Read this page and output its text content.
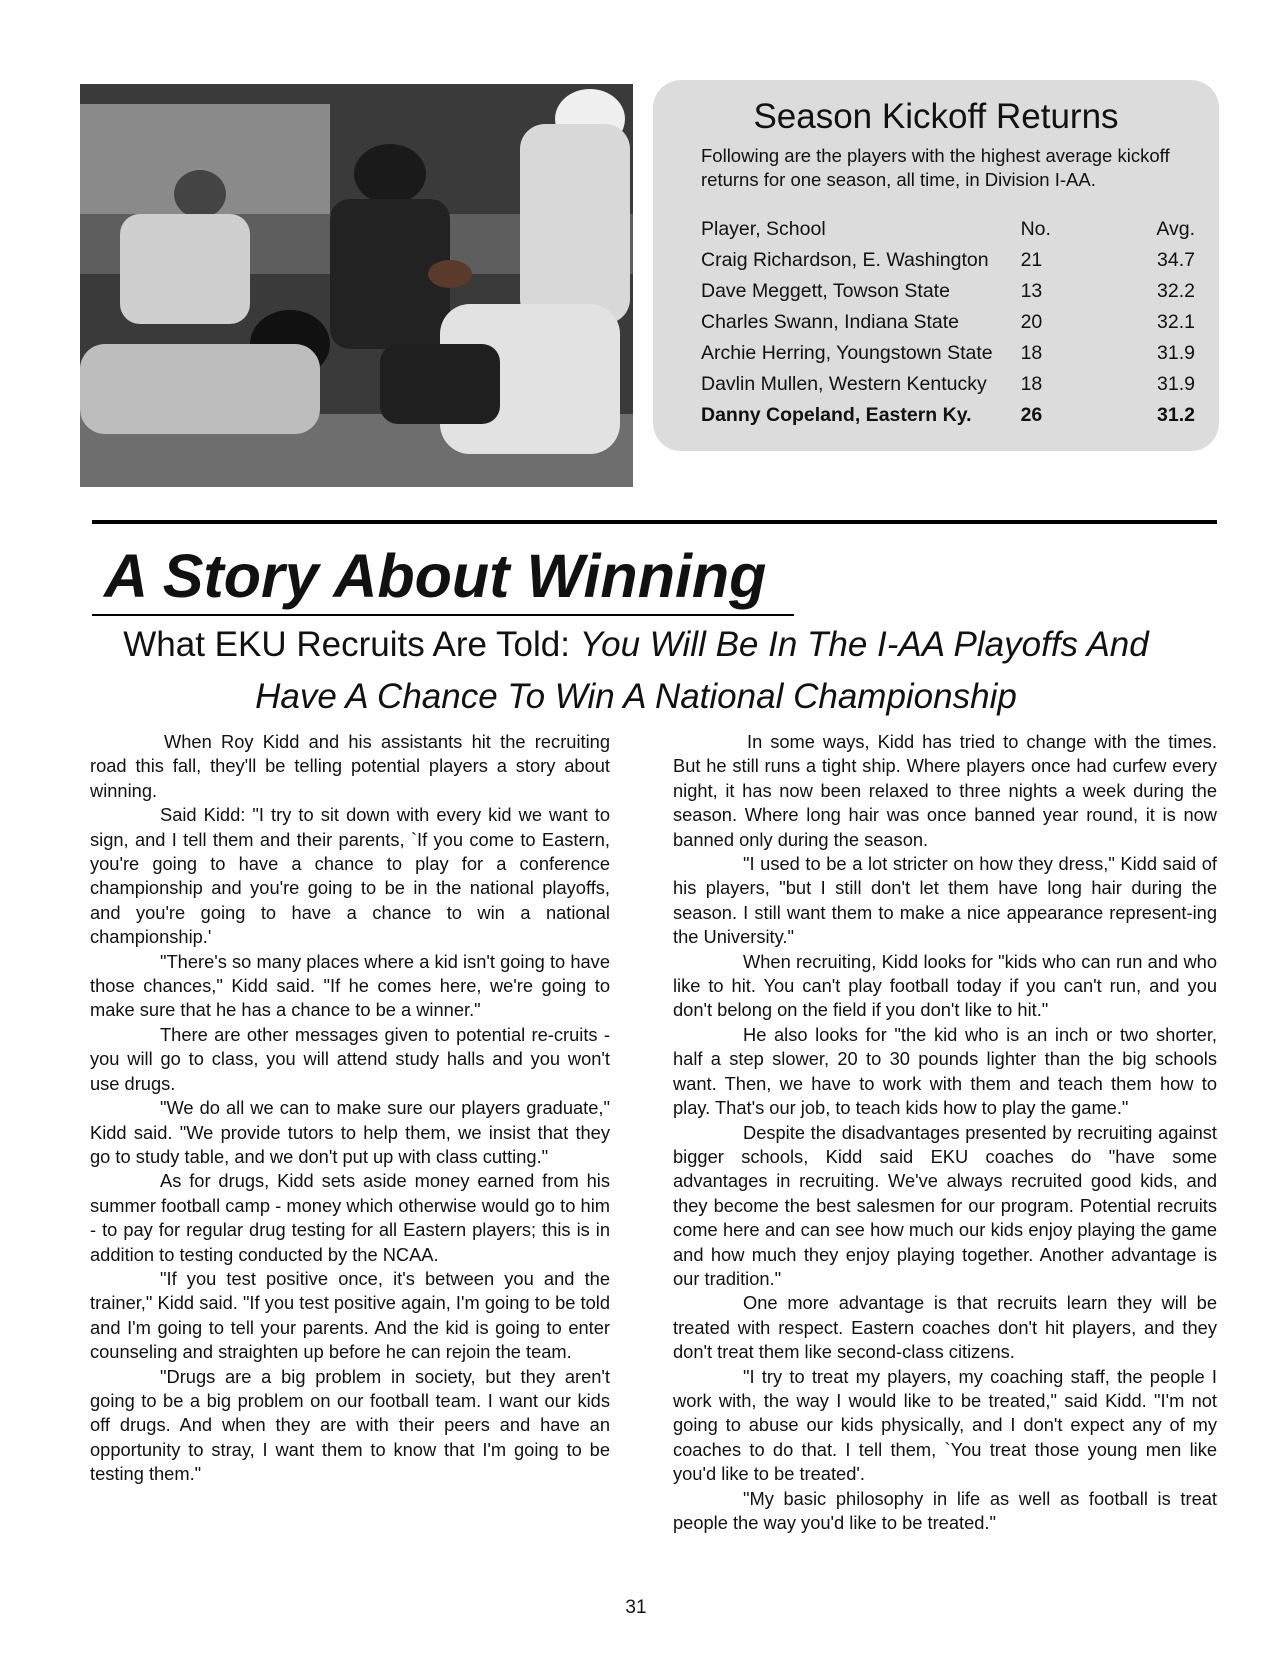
Season Kickoff Returns
Following are the players with the highest average kickoff returns for one season, all time, in Division I-AA.
Player, School	No.	Avg.
Craig Richardson, E. Washington	21	34.7
Dave Meggett, Towson State	13	32.2
Charles Swann, Indiana State	20	32.1
Archie Herring, Youngstown State	18	31.9
Davlin Mullen, Western Kentucky	18	31.9
Danny Copeland, Eastern Ky.	26	31.2
A Story About Winning
What EKU Recruits Are Told: You Will Be In The I-AA Playoffs And
Have A Chance To Win A National Championship

When Roy Kidd and his assistants hit the recruiting road this fall, they'll be telling potential players a story about winning.

Said Kidd: "I try to sit down with every kid we want to sign, and I tell them and their parents, `If you come to Eastern, you're going to have a chance to play for a conference championship and you're going to be in the national playoffs, and you're going to have a chance to win a national championship.'

"There's so many places where a kid isn't going to have those chances," Kidd said. "If he comes here, we're going to make sure that he has a chance to be a winner."

There are other messages given to potential re-cruits - you will go to class, you will attend study halls and you won't use drugs.

"We do all we can to make sure our players graduate," Kidd said. "We provide tutors to help them, we insist that they go to study table, and we don't put up with class cutting."

As for drugs, Kidd sets aside money earned from his summer football camp - money which otherwise would go to him - to pay for regular drug testing for all Eastern players; this is in addition to testing conducted by the NCAA.

"If you test positive once, it's between you and the trainer," Kidd said. "If you test positive again, I'm going to be told and I'm going to tell your parents. And the kid is going to enter counseling and straighten up before he can rejoin the team.

"Drugs are a big problem in society, but they aren't going to be a big problem on our football team. I want our kids off drugs. And when they are with their peers and have an opportunity to stray, I want them to know that I'm going to be testing them."

In some ways, Kidd has tried to change with the times. But he still runs a tight ship. Where players once had curfew every night, it has now been relaxed to three nights a week during the season. Where long hair was once banned year round, it is now banned only during the season.

"I used to be a lot stricter on how they dress," Kidd said of his players, "but I still don't let them have long hair during the season. I still want them to make a nice appearance represent-ing the University."

When recruiting, Kidd looks for "kids who can run and who like to hit. You can't play football today if you can't run, and you don't belong on the field if you don't like to hit."

He also looks for "the kid who is an inch or two shorter, half a step slower, 20 to 30 pounds lighter than the big schools want. Then, we have to work with them and teach them how to play. That's our job, to teach kids how to play the game."

Despite the disadvantages presented by recruiting against bigger schools, Kidd said EKU coaches do "have some advantages in recruiting. We've always recruited good kids, and they become the best salesmen for our program. Potential recruits come here and can see how much our kids enjoy playing the game and how much they enjoy playing together. Another advantage is our tradition."

One more advantage is that recruits learn they will be treated with respect. Eastern coaches don't hit players, and they don't treat them like second-class citizens.

"I try to treat my players, my coaching staff, the people I work with, the way I would like to be treated," said Kidd. "I'm not going to abuse our kids physically, and I don't expect any of my coaches to do that. I tell them, `You treat those young men like you'd like to be treated'.

"My basic philosophy in life as well as football is treat people the way you'd like to be treated."

31
